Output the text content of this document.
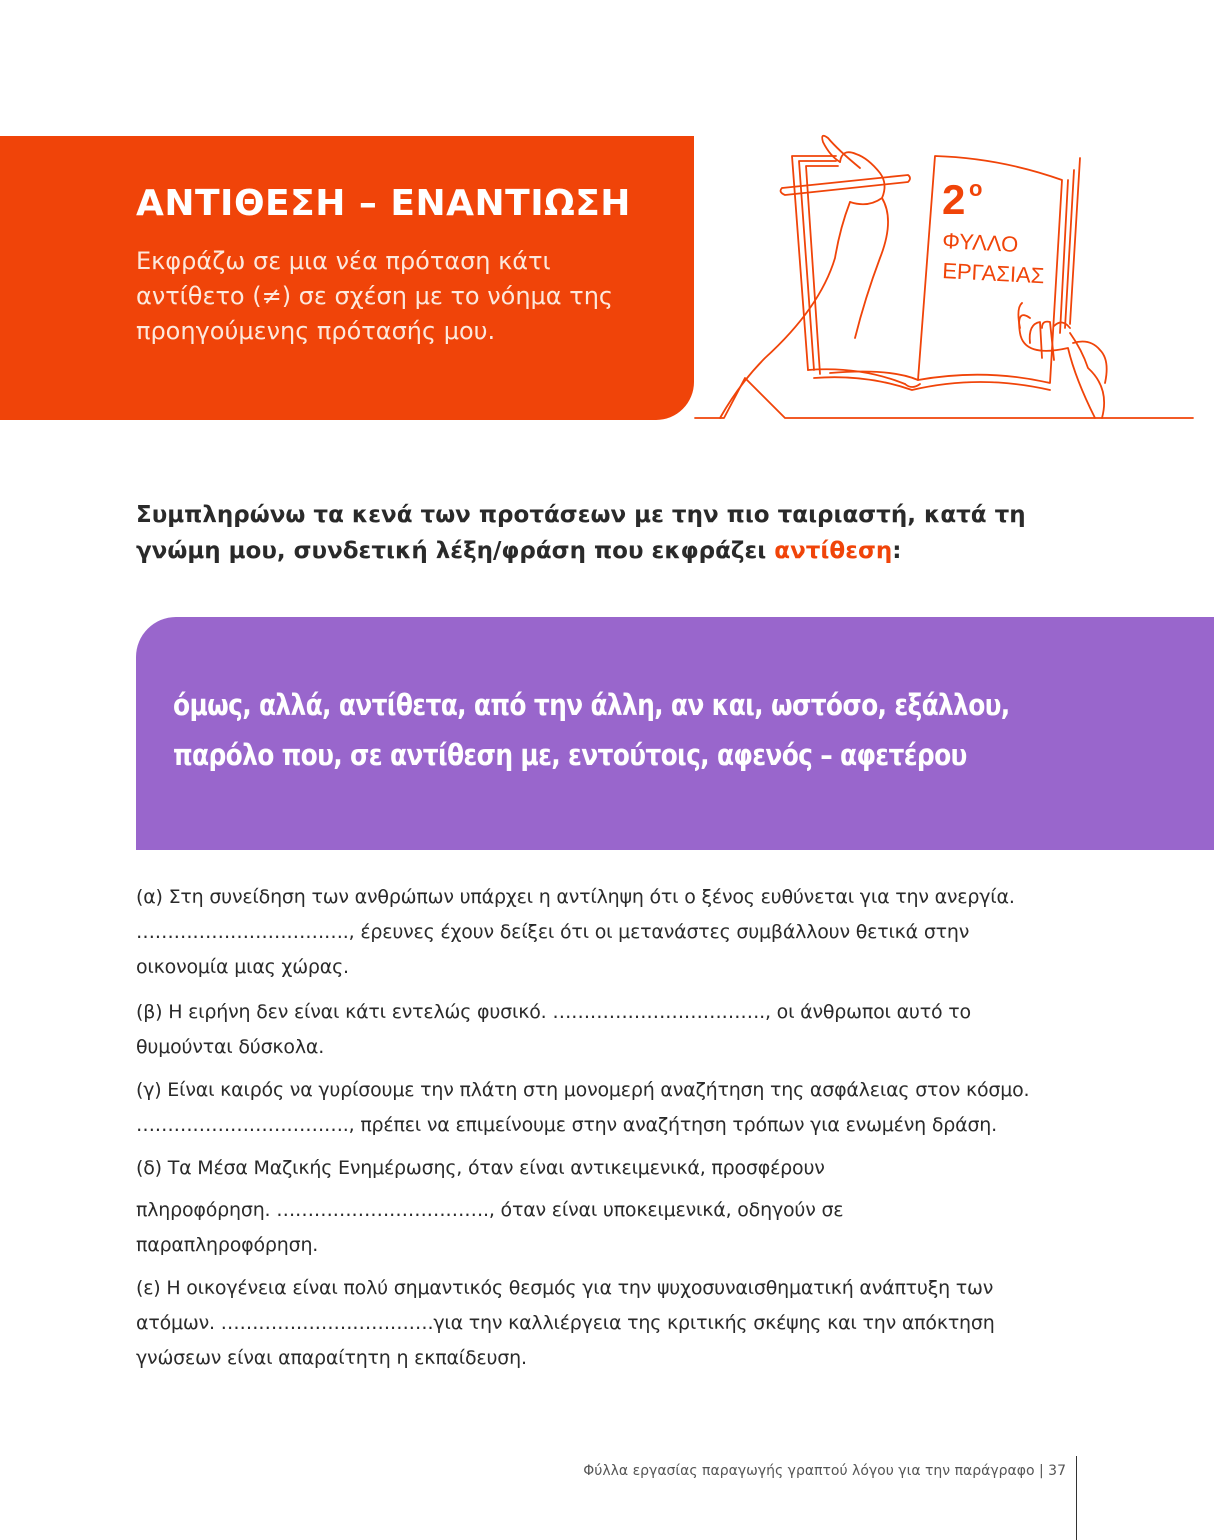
ΑΝΤΙΘΕΣΗ – ΕΝΑΝΤΙΩΣΗ

Εκφράζω σε μια νέα πρόταση κάτι
αντίθετο (≠) σε σχέση με το νόημα της
προηγούμενης πρότασής μου.

2 ο
ΦΥΛΛΟ
ΕΡΓΑΣΙΑΣ

Συμπληρώνω τα κενά των προτάσεων με την πιο ταιριαστή, κατά τη
γνώμη μου, συνδετική λέξη/φράση που εκφράζει αντίθεση:

όμως, αλλά, αντίθετα, από την άλλη, αν και, ωστόσο, εξάλλου,
παρόλο που, σε αντίθεση με, εντούτοις, αφενός – αφετέρου

(α) Στη συνείδηση των ανθρώπων υπάρχει η αντίληψη ότι ο ξένος ευθύνεται για την ανεργία.
……………………………., έρευνες έχουν δείξει ότι οι μετανάστες συμβάλλουν θετικά στην
οικονομία μιας χώρας.

(β) Η ειρήνη δεν είναι κάτι εντελώς φυσικό. ……………………………., οι άνθρωποι αυτό το
θυμούνται δύσκολα.

(γ) Είναι καιρός να γυρίσουμε την πλάτη στη μονομερή αναζήτηση της ασφάλειας στον κόσμο.
……………………………., πρέπει να επιμείνουμε στην αναζήτηση τρόπων για ενωμένη δράση.

(δ) Τα Μέσα Μαζικής Ενημέρωσης, όταν είναι αντικειμενικά, προσφέρουν

πληροφόρηση. ……………………………., όταν είναι υποκειμενικά, οδηγούν σε
παραπληροφόρηση.

(ε) Η οικογένεια είναι πολύ σημαντικός θεσμός για την ψυχοσυναισθηματική ανάπτυξη των
ατόμων. …………………………….για την καλλιέργεια της κριτικής σκέψης και την απόκτηση
γνώσεων είναι απαραίτητη η εκπαίδευση.

Φύλλα εργασίας παραγωγής γραπτού λόγου για την παράγραφο | 37
